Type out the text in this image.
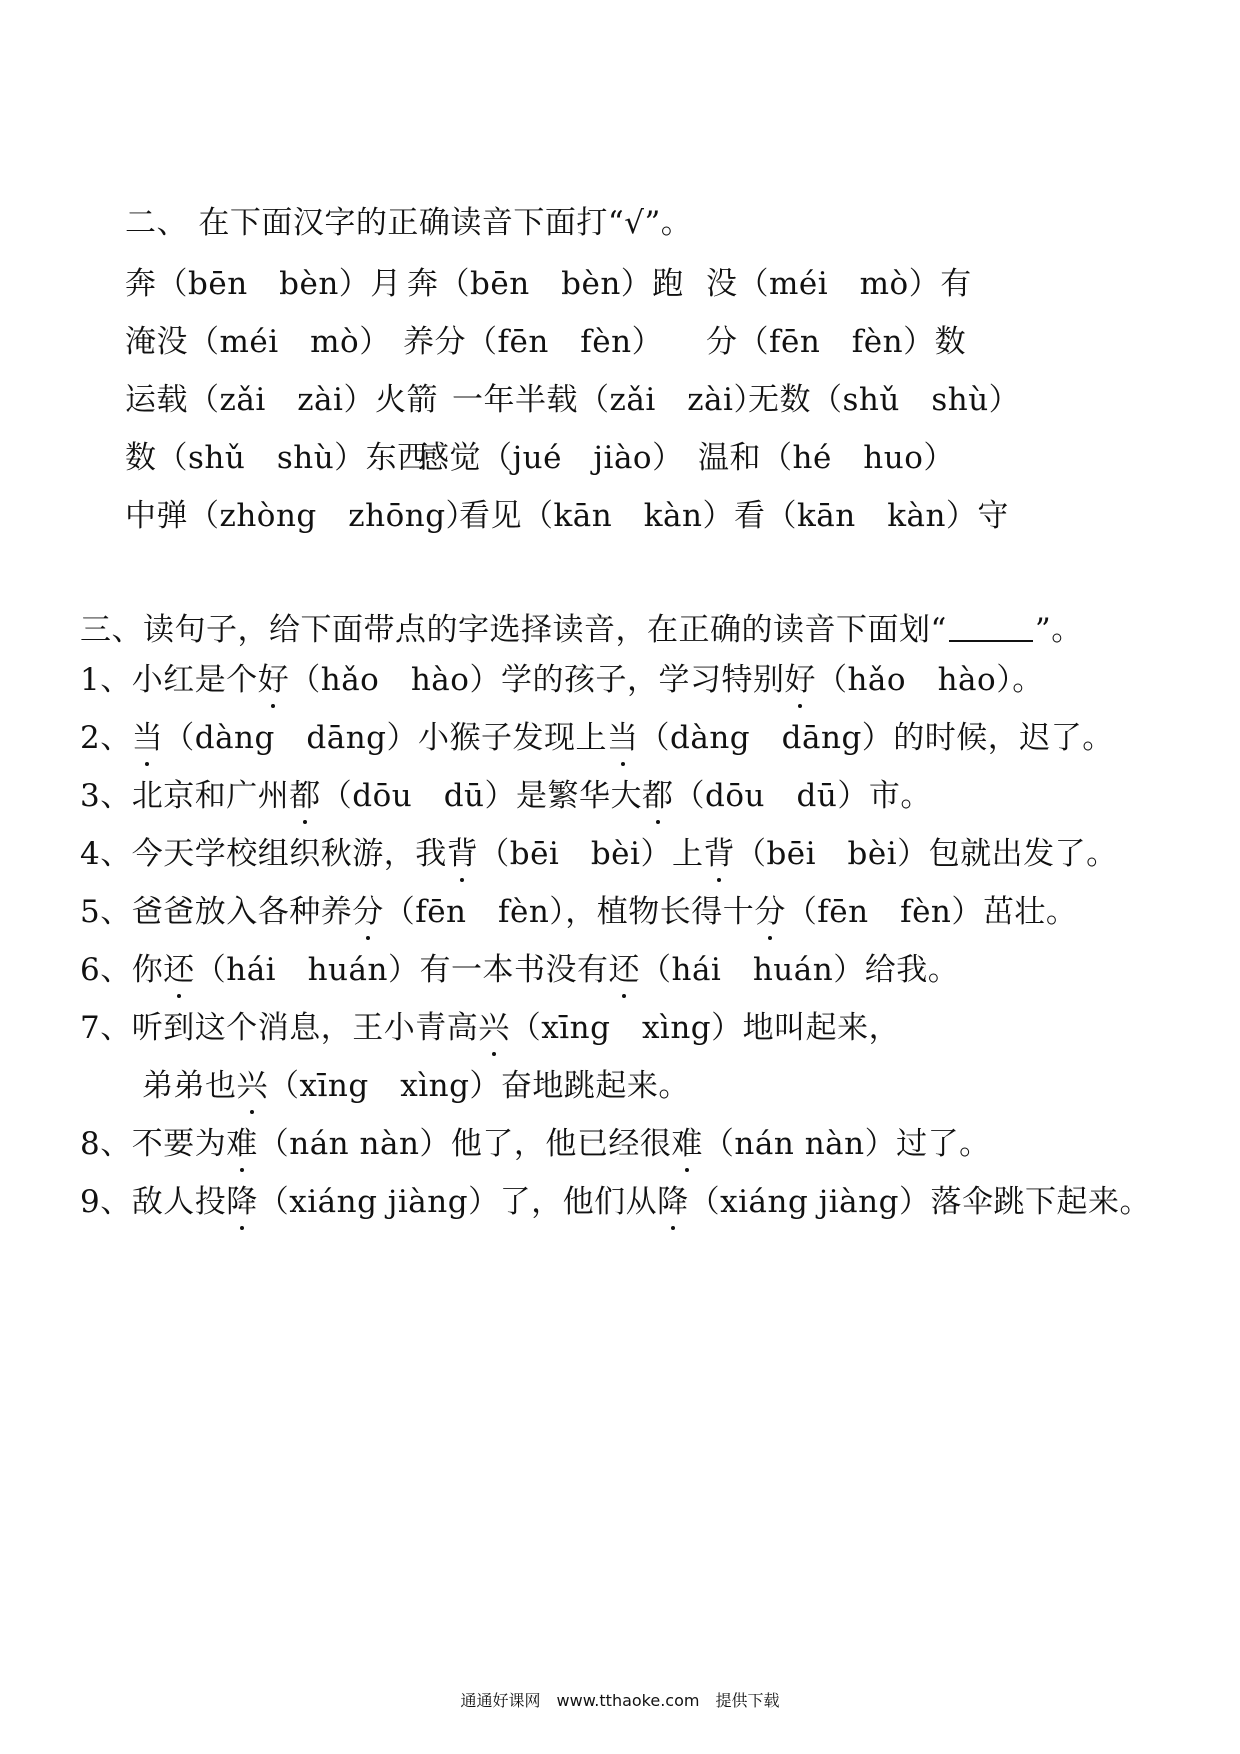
二、 在下面汉字的正确读音下面打“√”。
奔（bēn　bèn）月 奔（bēn　bèn）跑 没（méi　mò）有
淹没（méi　mò） 养分（fēn　fèn） 分（fēn　fèn）数
运载（zǎi　zài）火箭 一年半载（zǎi　zài）
无数（shǔ　shù）
数（shǔ　shù）东西
感觉（jué　jiào） 温和（hé　huo）
中弹（zhòng　zhōng）
看见（kān　kàn）看（kān　kàn）守
三、读句子，给下面带点的字选择读音，在正确的读音下面划“	”。
1、小红是个好（hǎo　hào）学的孩子，学习特别好（hǎo　hào）。
2、当（dàng　dāng）小猴子发现上当（dàng　dāng）的时候，迟了。
3、北京和广州都（dōu　dū）是繁华大都（dōu　dū）市。
4、今天学校组织秋游，我背（bēi　bèi）上背（bēi　bèi）包就出发了。
5、爸爸放入各种养分（fēn　fèn），植物长得十分（fēn　fèn）茁壮。
6、你还（hái　huán）有一本书没有还（hái　huán）给我。
7、听到这个消息，王小青高兴（xīng　xìng）地叫起来，
弟弟也兴（xīng　xìng）奋地跳起来。
8、不要为难（nán nàn）他了，他已经很难（nán nàn）过了。
9、敌人投降（xiáng jiàng）了，他们从降（xiáng jiàng）落伞跳下起来。
通通好课网　www.tthaoke.com　提供下载
